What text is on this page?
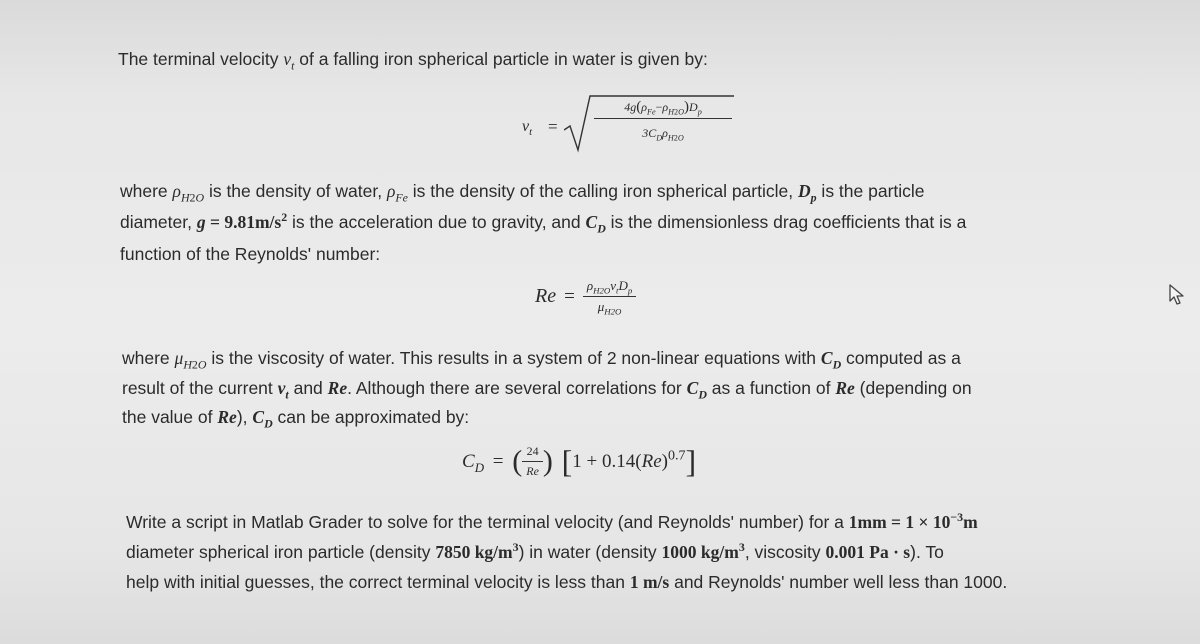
The terminal velocity $v_t$ of a falling iron spherical particle in water is given by:
$v_t$ =
$4g(\rho_{Fe}-\rho_{H2O})D_p$
$3C_D\rho_{H2O}$
where $\rho_{H2O}$ is the density of water, $\rho_{Fe}$ is the density of the calling iron spherical particle, $D_p$ is the particle
diameter, $g = 9.81m/s^2$ is the acceleration due to gravity, and $C_D$ is the dimensionless drag coefficients that is a
function of the Reynolds' number:
$Re = \frac{\rho_{H2O}v_tD_p}{\mu_{H2O}}$
where $\mu_{H2O}$ is the viscosity of water. This results in a system of 2 non-linear equations with $C_D$ computed as a
result of the current $v_t$ and Re. Although there are several correlations for $C_D$ as a function of Re (depending on
the value of Re), $C_D$ can be approximated by:
$C_D$ = ( $\frac{24}{Re}$ ) $[1 + 0.14(Re)^{0.7}]$
Write a script in Matlab Grader to solve for the terminal velocity (and Reynolds' number) for a $1mm = 1 \times 10^{-3}m$
diameter spherical iron particle (density 7850 $kg/m^3$) in water (density 1000 $kg/m^3$, viscosity 0.001 Pa · s). To
help with initial guesses, the correct terminal velocity is less than 1 m/s and Reynolds' number well less than 1000.
